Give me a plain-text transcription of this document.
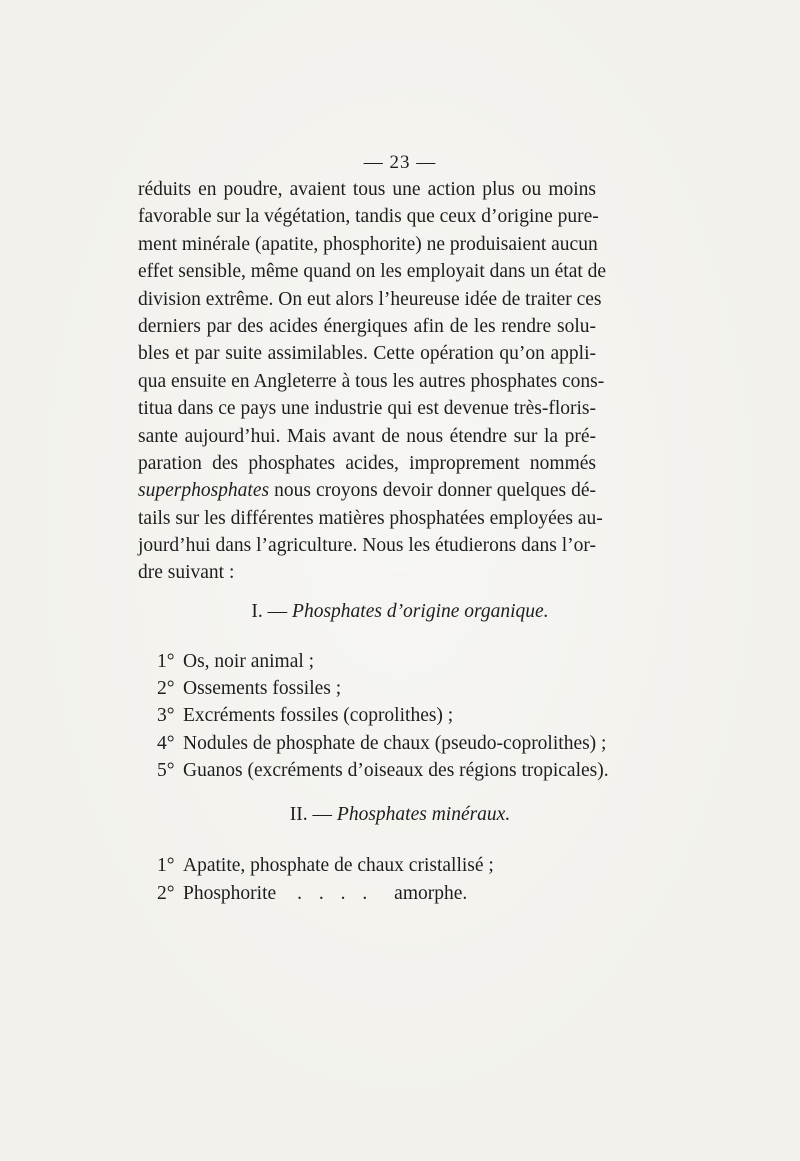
— 23 —
réduits en poudre, avaient tous une action plus ou moins
favorable sur la végétation, tandis que ceux d’origine pure-
ment minérale (apatite, phosphorite) ne produisaient aucun
effet sensible, même quand on les employait dans un état de
division extrême. On eut alors l’heureuse idée de traiter ces
derniers par des acides énergiques afin de les rendre solu-
bles et par suite assimilables. Cette opération qu’on appli-
qua ensuite en Angleterre à tous les autres phosphates cons-
titua dans ce pays une industrie qui est devenue très-floris-
sante aujourd’hui. Mais avant de nous étendre sur la pré-
paration des phosphates acides, improprement nommés
superphosphates nous croyons devoir donner quelques dé-
tails sur les différentes matières phosphatées employées au-
jourd’hui dans l’agriculture. Nous les étudierons dans l’or-
dre suivant :
I. — Phosphates d’origine organique.
1° Os, noir animal ;
2° Ossements fossiles ;
3° Excréments fossiles (coprolithes) ;
4° Nodules de phosphate de chaux (pseudo-coprolithes) ;
5° Guanos (excréments d’oiseaux des régions tropicales).
II. — Phosphates minéraux.
1° Apatite, phosphate de chaux cristallisé ;
2° Phosphorite . . . . amorphe.
